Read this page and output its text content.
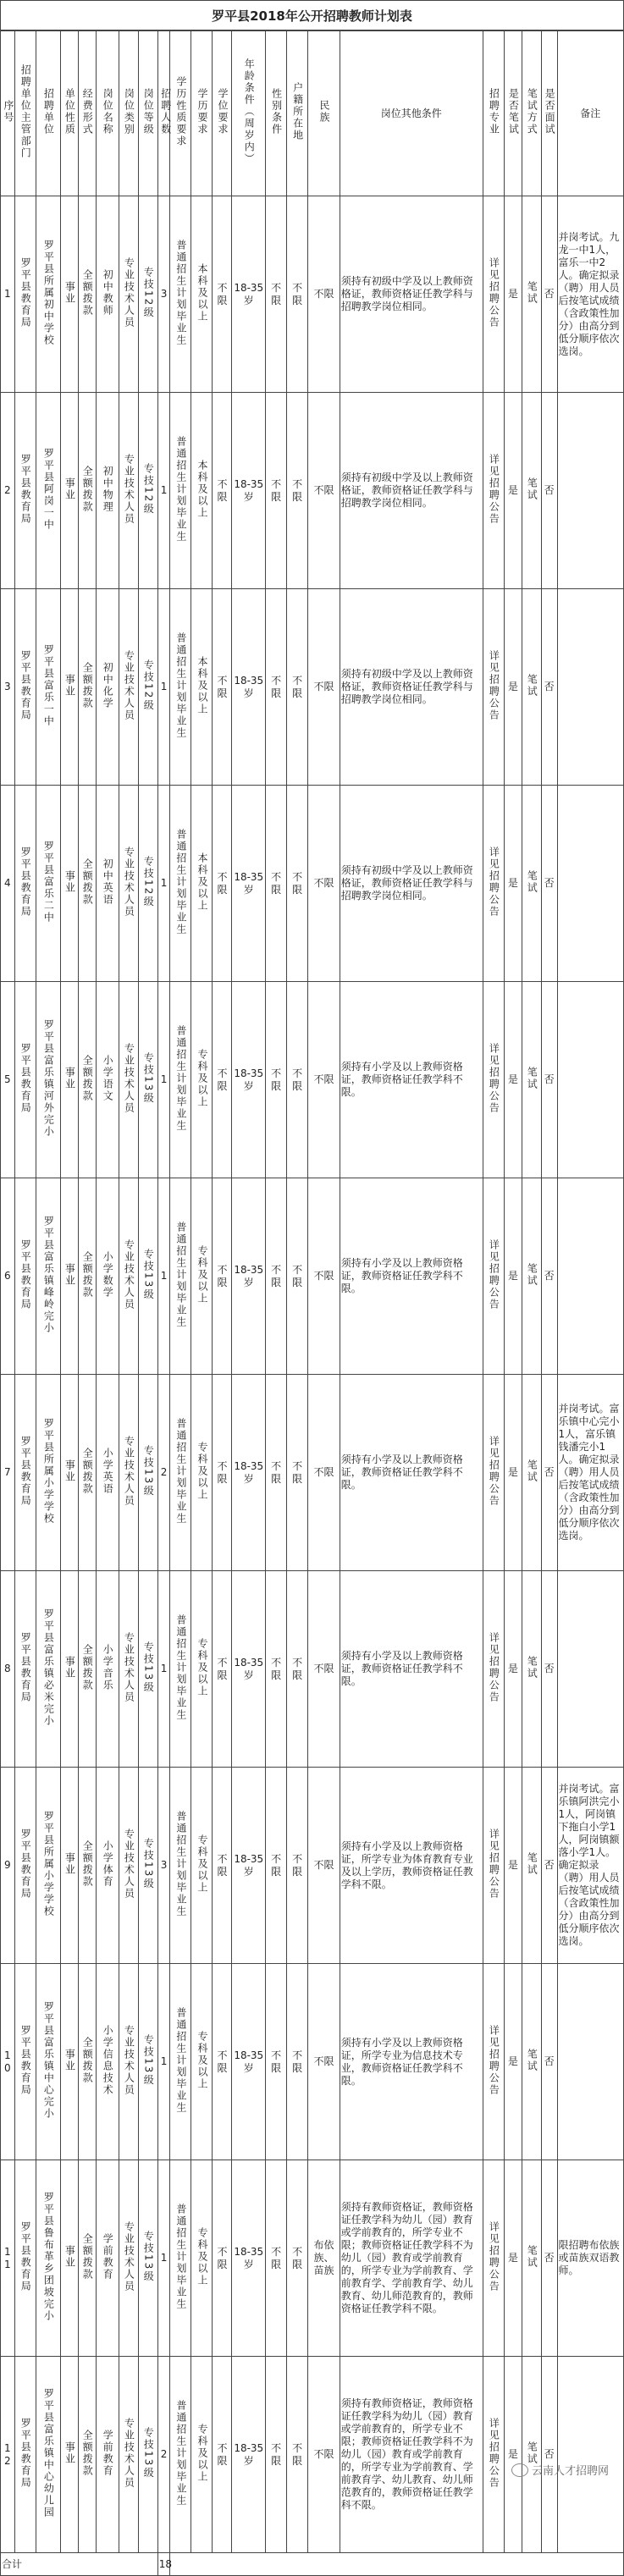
罗平县2018年公开招聘教师计划表
序号	招聘单位主管部门	招聘单位	单位性质	经费形式	岗位名称	岗位类别	岗位等级	招聘人数	学历性质要求	学历要求	学位要求	年龄条件（周岁内）	性别条件	户籍所在地	民族	岗位其他条件	招聘专业	是否笔试	笔试方式	是否面试	备注
1	罗平县教育局	罗平县所属初中学校	事业	全额拨款	初中教师	专业技术人员	专技12级	3	普通招生计划毕业生	本科及以上	不限	18-35岁	不限	不限	不限	须持有初级中学及以上教师资格证，教师资格证任教学科与招聘教学岗位相同。	详见招聘公告	是	笔试	否	并岗考试。九龙一中1人，富乐一中2人。确定拟录（聘）用人员后按笔试成绩（含政策性加分）由高分到低分顺序依次选岗。
2	罗平县教育局	罗平县阿岗一中	事业	全额拨款	初中物理	专业技术人员	专技12级	1	普通招生计划毕业生	本科及以上	不限	18-35岁	不限	不限	不限	须持有初级中学及以上教师资格证，教师资格证任教学科与招聘教学岗位相同。	详见招聘公告	是	笔试	否	
3	罗平县教育局	罗平县富乐一中	事业	全额拨款	初中化学	专业技术人员	专技12级	1	普通招生计划毕业生	本科及以上	不限	18-35岁	不限	不限	不限	须持有初级中学及以上教师资格证，教师资格证任教学科与招聘教学岗位相同。	详见招聘公告	是	笔试	否	
4	罗平县教育局	罗平县富乐二中	事业	全额拨款	初中英语	专业技术人员	专技12级	1	普通招生计划毕业生	本科及以上	不限	18-35岁	不限	不限	不限	须持有初级中学及以上教师资格证，教师资格证任教学科与招聘教学岗位相同。	详见招聘公告	是	笔试	否	
5	罗平县教育局	罗平县富乐镇河外完小	事业	全额拨款	小学语文	专业技术人员	专技13级	1	普通招生计划毕业生	专科及以上	不限	18-35岁	不限	不限	不限	须持有小学及以上教师资格证，教师资格证任教学科不限。	详见招聘公告	是	笔试	否	
6	罗平县教育局	罗平县富乐镇峰岭完小	事业	全额拨款	小学数学	专业技术人员	专技13级	1	普通招生计划毕业生	专科及以上	不限	18-35岁	不限	不限	不限	须持有小学及以上教师资格证，教师资格证任教学科不限。	详见招聘公告	是	笔试	否	
7	罗平县教育局	罗平县所属小学学校	事业	全额拨款	小学英语	专业技术人员	专技13级	2	普通招生计划毕业生	专科及以上	不限	18-35岁	不限	不限	不限	须持有小学及以上教师资格证，教师资格证任教学科不限。	详见招聘公告	是	笔试	否	并岗考试。富乐镇中心完小1人，富乐镇钱潘完小1人。确定拟录（聘）用人员后按笔试成绩（含政策性加分）由高分到低分顺序依次选岗。
8	罗平县教育局	罗平县富乐镇必米完小	事业	全额拨款	小学音乐	专业技术人员	专技13级	1	普通招生计划毕业生	专科及以上	不限	18-35岁	不限	不限	不限	须持有小学及以上教师资格证，教师资格证任教学科不限。	详见招聘公告	是	笔试	否	
9	罗平县教育局	罗平县所属小学学校	事业	全额拨款	小学体育	专业技术人员	专技13级	3	普通招生计划毕业生	专科及以上	不限	18-35岁	不限	不限	不限	须持有小学及以上教师资格证，所学专业为体育教育专业及以上学历，教师资格证任教学科不限。	详见招聘公告	是	笔试	否	并岗考试。富乐镇阿洪完小1人，阿岗镇下拖白小学1人，阿岗镇额落小学1人。确定拟录（聘）用人员后按笔试成绩（含政策性加分）由高分到低分顺序依次选岗。
10	罗平县教育局	罗平县富乐镇中心完小	事业	全额拨款	小学信息技术	专业技术人员	专技13级	1	普通招生计划毕业生	专科及以上	不限	18-35岁	不限	不限	不限	须持有小学及以上教师资格证，所学专业为信息技术专业，教师资格证任教学科不限。	详见招聘公告	是	笔试	否	
11	罗平县教育局	罗平县鲁布革乡团坡完小	事业	全额拨款	学前教育	专业技术人员	专技13级	1	普通招生计划毕业生	专科及以上	不限	18-35岁	不限	不限	布依族、苗族	须持有教师资格证，教师资格证任教学科为幼儿（园）教育或学前教育的，所学专业不限；教师资格证任教学科不为幼儿（园）教育或学前教育的，所学专业为学前教育、学前教育学、学前教育学、幼儿教育、幼儿师范教育的，教师资格证任教学科不限。	详见招聘公告	是	笔试	否	限招聘布依族或苗族双语教师。
12	罗平县教育局	罗平县富乐镇中心幼儿园	事业	全额拨款	学前教育	专业技术人员	专技13级	2	普通招生计划毕业生	专科及以上	不限	18-35岁	不限	不限	不限	须持有教师资格证，教师资格证任教学科为幼儿（园）教育或学前教育的，所学专业不限；教师资格证任教学科不为幼儿（园）教育或学前教育的，所学专业为学前教育、学前教育学、幼儿教育、幼儿师范教育的，教师资格证任教学科不限。	详见招聘公告	是	笔试	否	
合计								18													
云南人才招聘网
